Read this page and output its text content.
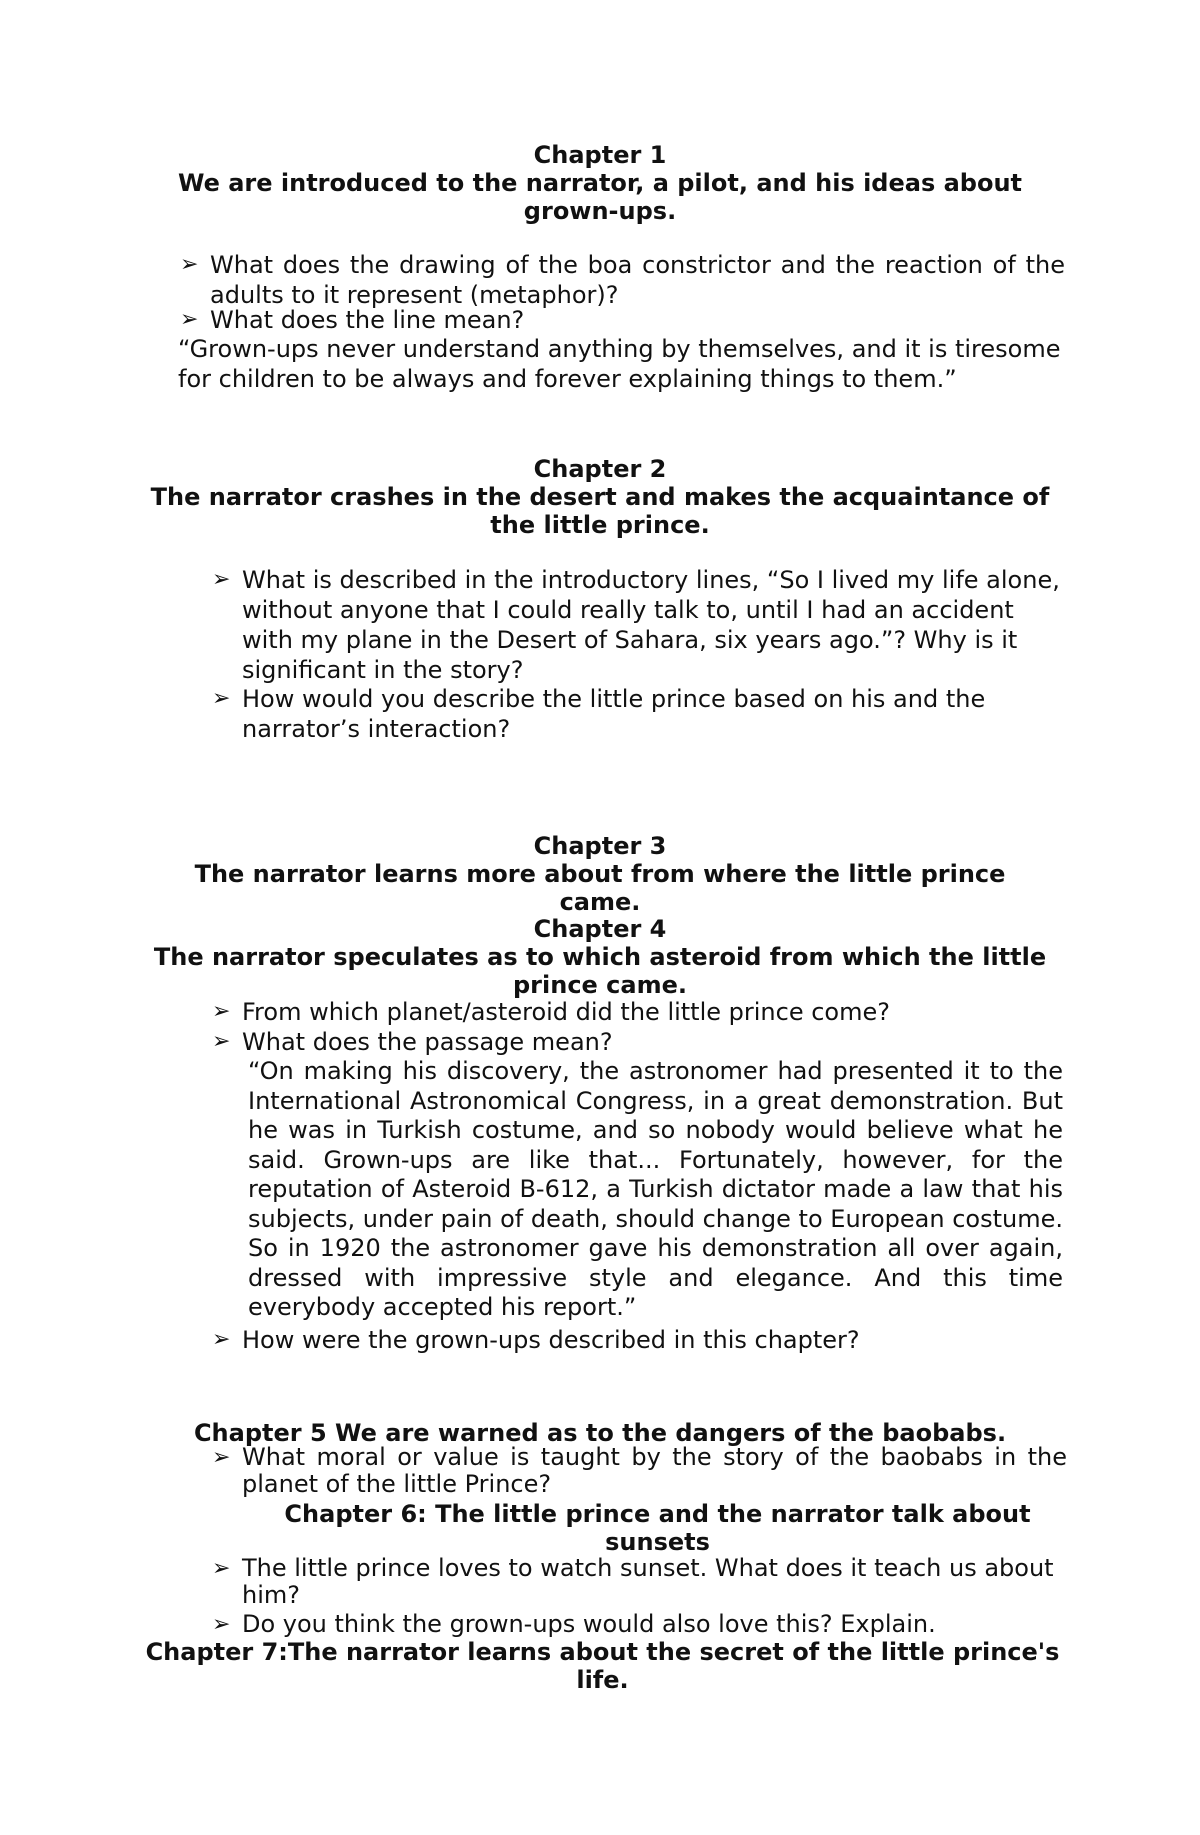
Chapter 1
We are introduced to the narrator, a pilot, and his ideas about grown-ups.
➢ What does the drawing of the boa constrictor and the reaction of the adults to it represent (metaphor)?
➢ What does the line mean?
“Grown-ups never understand anything by themselves, and it is tiresome for children to be always and forever explaining things to them.”
Chapter 2
The narrator crashes in the desert and makes the acquaintance of the little prince.
➢ What is described in the introductory lines, “So I lived my life alone, without anyone that I could really talk to, until I had an accident with my plane in the Desert of Sahara, six years ago.”? Why is it significant in the story?
➢ How would you describe the little prince based on his and the narrator’s interaction?
Chapter 3
The narrator learns more about from where the little prince came.
Chapter 4
The narrator speculates as to which asteroid from which the little prince came.
➢ From which planet/asteroid did the little prince come?
➢ What does the passage mean?
“On making his discovery, the astronomer had presented it to the International Astronomical Congress, in a great demonstration. But he was in Turkish costume, and so nobody would believe what he said. Grown-ups are like that... Fortunately, however, for the reputation of Asteroid B-612, a Turkish dictator made a law that his subjects, under pain of death, should change to European costume. So in 1920 the astronomer gave his demonstration all over again, dressed with impressive style and elegance. And this time everybody accepted his report.”
➢ How were the grown-ups described in this chapter?
Chapter 5 We are warned as to the dangers of the baobabs.
➢ What moral or value is taught by the story of the baobabs in the planet of the little Prince?
Chapter 6: The little prince and the narrator talk about sunsets
➢ The little prince loves to watch sunset. What does it teach us about him?
➢ Do you think the grown-ups would also love this? Explain.
Chapter 7:The narrator learns about the secret of the little prince's life.
